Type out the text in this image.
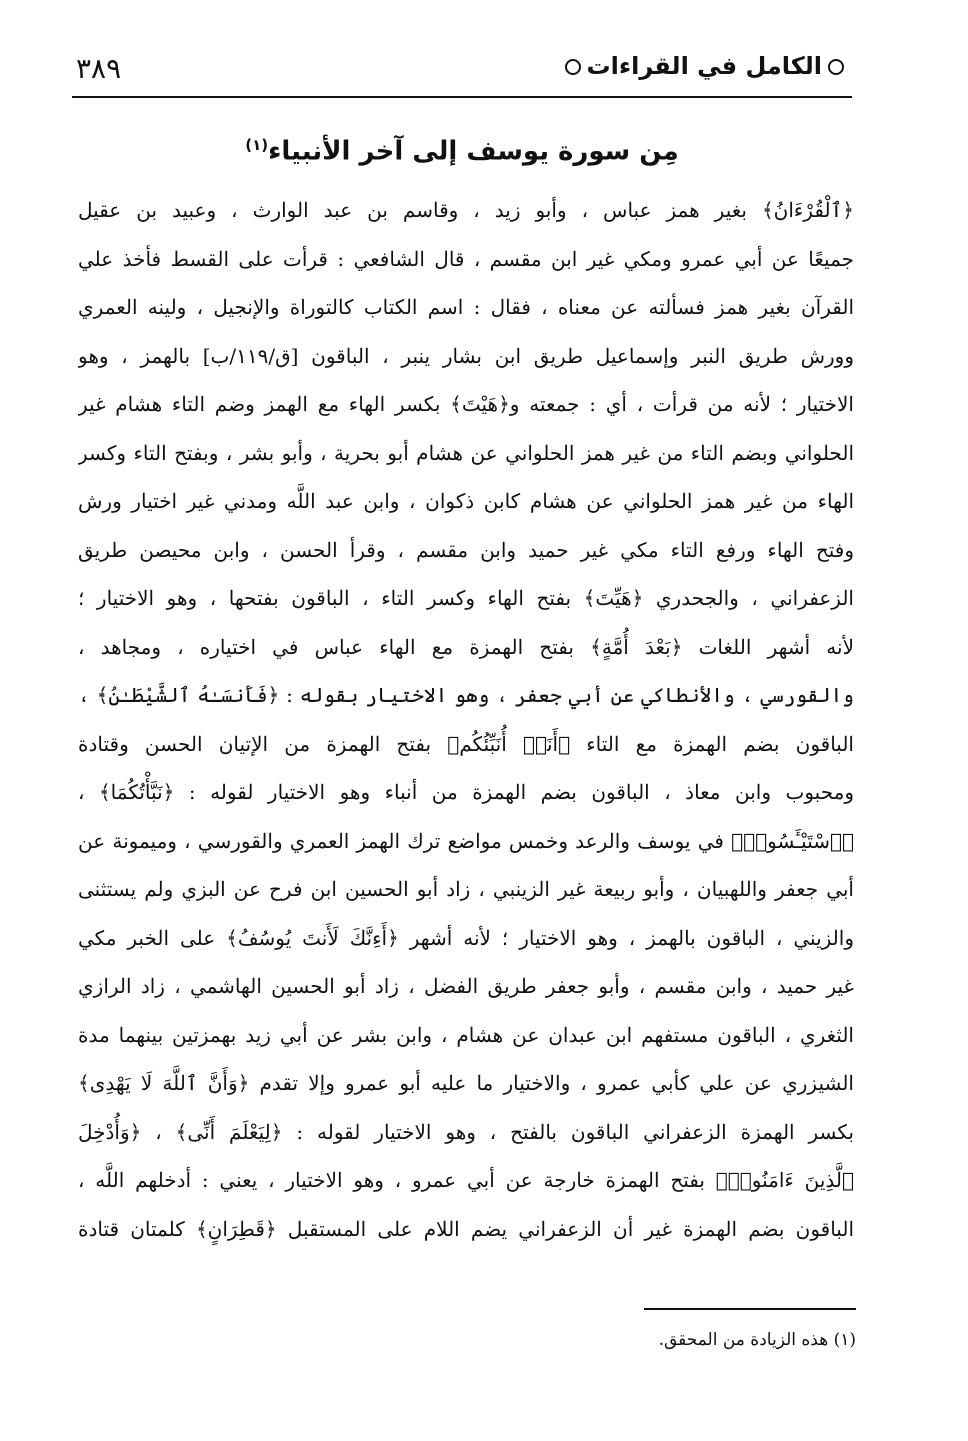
الكامل في القراءات
٣٨٩
مِن سورة يوسف إلى آخر الأنبياء$^{(١)}$
﴿ٱلْقُرْءَانُ﴾ بغير همز عباس ، وأبو زيد ، وقاسم بن عبد الوارث ، وعبيد بن عقيل
جميعًا عن أبي عمرو ومكي غير ابن مقسم ، قال الشافعي : قرأت على القسط فأخذ علي
القرآن بغير همز فسألته عن معناه ، فقال : اسم الكتاب كالتوراة والإنجيل ، ولينه العمري
وورش طريق النبر وإسماعيل طريق ابن بشار ينبر ، الباقون [ق/١١٩/ب] بالهمز ، وهو
الاختيار ؛ لأنه من قرأت ، أي : جمعته و﴿هَيْتَ﴾ بكسر الهاء مع الهمز وضم التاء هشام غير
الحلواني وبضم التاء من غير همز الحلواني عن هشام أبو بحرية ، وأبو بشر ، وبفتح التاء وكسر
الهاء من غير همز الحلواني عن هشام كابن ذكوان ، وابن عبد اللَّه ومدني غير اختيار ورش
وفتح الهاء ورفع التاء مكي غير حميد وابن مقسم ، وقرأ الحسن ، وابن محيصن طريق
الزعفراني ، والجحدري ﴿هَيِّتَ﴾ بفتح الهاء وكسر التاء ، الباقون بفتحها ، وهو الاختيار ؛
لأنه أشهر اللغات ﴿بَعْدَ أُمَّةٍ﴾ بفتح الهمزة مع الهاء عباس في اختياره ، ومجاهد ،
والقورسي ، والأنطاكي عن أبي جعفر ، وهو الاختيار بقوله : ﴿فَأَنسَـٰهُ ٱلشَّيْطَـٰنُ﴾ ،
الباقون بضم الهمزة مع التاء ﴿أَنَا۠ أُنَبِّئُكُم﴾ بفتح الهمزة من الإتيان الحسن وقتادة
ومحبوب وابن معاذ ، الباقون بضم الهمزة من أنباء وهو الاختيار لقوله : ﴿نَبَّأْتُكُمَا﴾ ،
﴿ٱسْتَيْـَٔسُوا۟﴾ في يوسف والرعد وخمس مواضع ترك الهمز العمري والقورسي ، وميمونة عن
أبي جعفر واللهبيان ، وأبو ربيعة غير الزينبي ، زاد أبو الحسين ابن فرح عن البزي ولم يستثنى
والزيني ، الباقون بالهمز ، وهو الاختيار ؛ لأنه أشهر ﴿أَءِنَّكَ لَأَنتَ يُوسُفُ﴾ على الخبر مكي
غير حميد ، وابن مقسم ، وأبو جعفر طريق الفضل ، زاد أبو الحسين الهاشمي ، زاد الرازي
الثغري ، الباقون مستفهم ابن عبدان عن هشام ، وابن بشر عن أبي زيد بهمزتين بينهما مدة
الشيزري عن علي كأبي عمرو ، والاختيار ما عليه أبو عمرو وإلا تقدم ﴿وَأَنَّ ٱللَّهَ لَا يَهْدِى﴾
بكسر الهمزة الزعفراني الباقون بالفتح ، وهو الاختيار لقوله : ﴿لِيَعْلَمَ أَنِّى﴾ ، ﴿وَأُدْخِلَ
ٱلَّذِينَ ءَامَنُوا۟﴾ بفتح الهمزة خارجة عن أبي عمرو ، وهو الاختيار ، يعني : أدخلهم اللَّه ،
الباقون بضم الهمزة غير أن الزعفراني يضم اللام على المستقبل ﴿قَطِرَانٍ﴾ كلمتان قتادة
(١) هذه الزيادة من المحقق.
